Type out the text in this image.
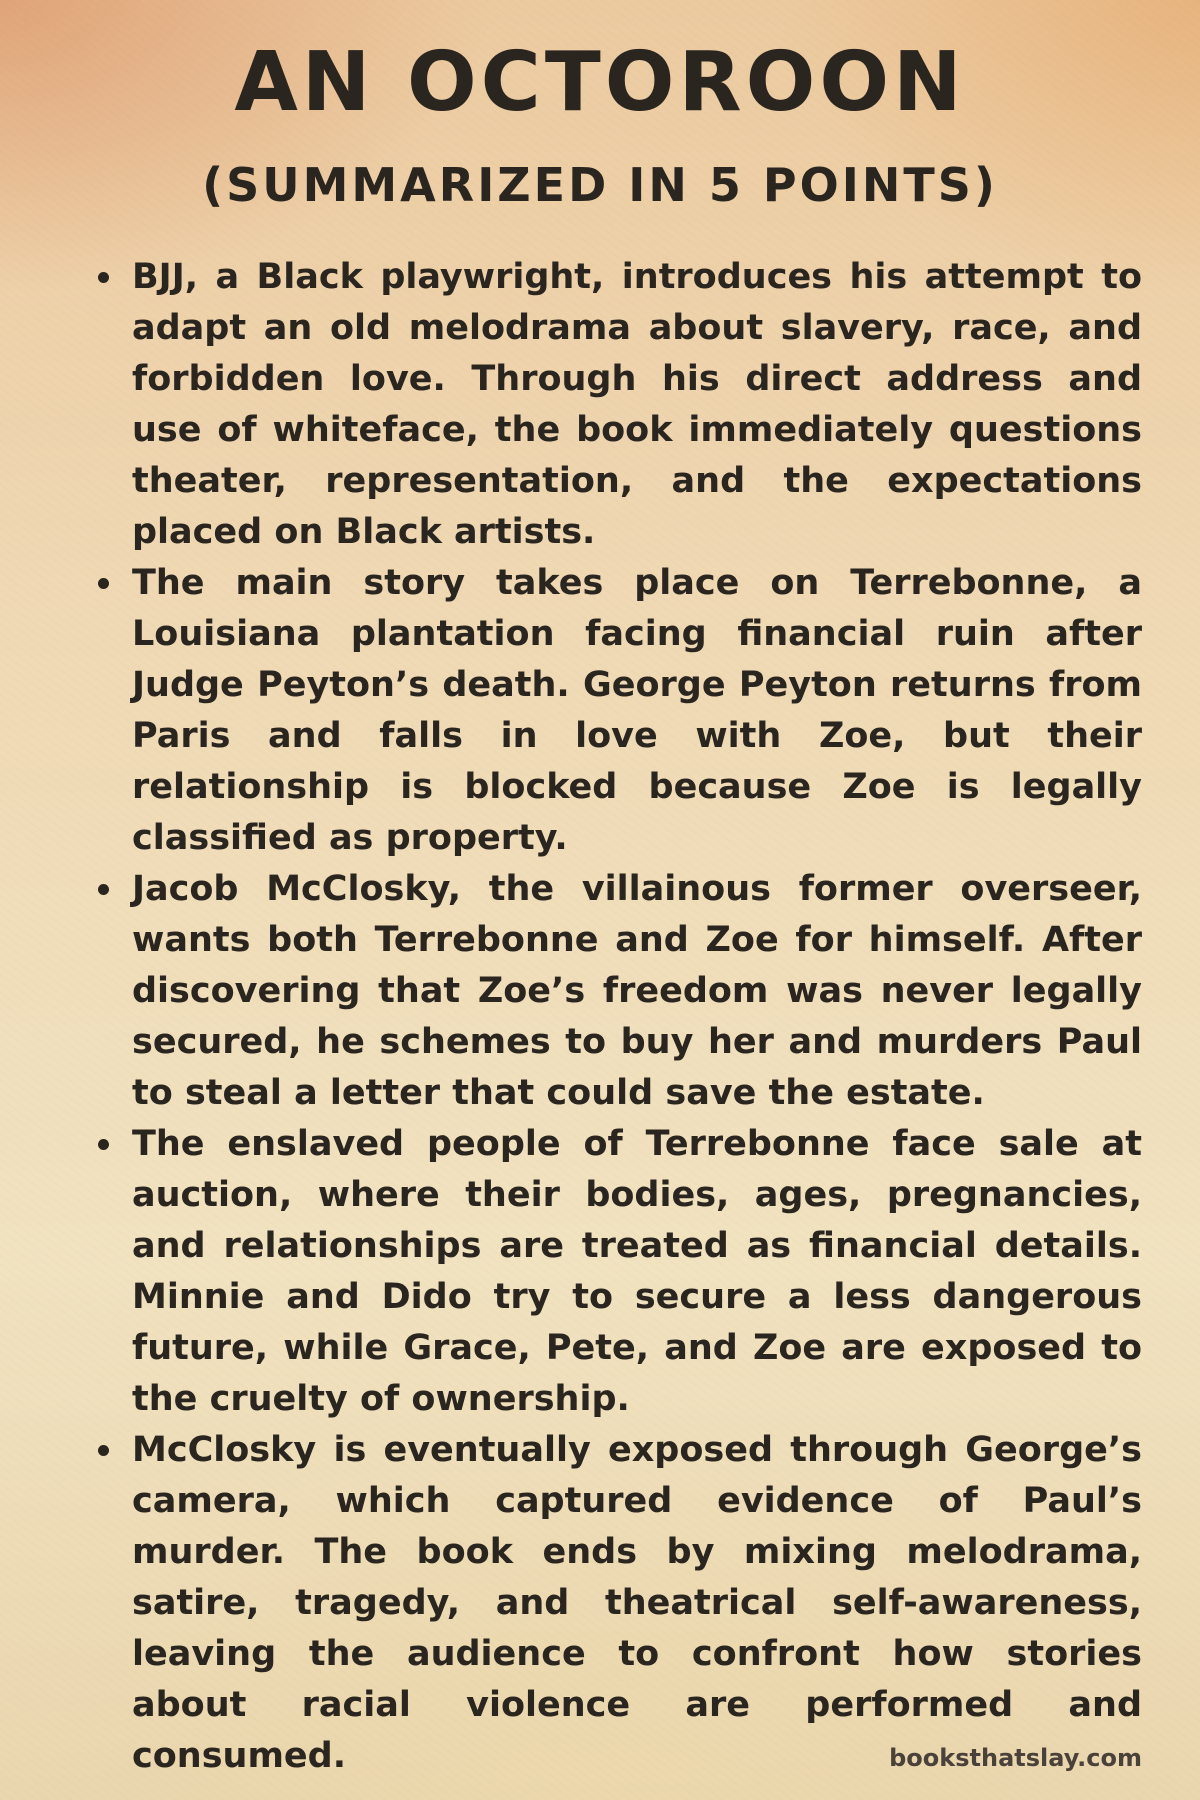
AN OCTOROON
(SUMMARIZED IN 5 POINTS)
BJJ, a Black playwright, introduces his attempt to adapt an old melodrama about slavery, race, and forbidden love. Through his direct address and use of whiteface, the book immediately questions theater, representation, and the expectations placed on Black artists.
The main story takes place on Terrebonne, a Louisiana plantation facing financial ruin after Judge Peyton’s death. George Peyton returns from Paris and falls in love with Zoe, but their relationship is blocked because Zoe is legally classified as property.
Jacob McClosky, the villainous former overseer, wants both Terrebonne and Zoe for himself. After discovering that Zoe’s freedom was never legally secured, he schemes to buy her and murders Paul to steal a letter that could save the estate.
The enslaved people of Terrebonne face sale at auction, where their bodies, ages, pregnancies, and relationships are treated as financial details. Minnie and Dido try to secure a less dangerous future, while Grace, Pete, and Zoe are exposed to the cruelty of ownership.
McClosky is eventually exposed through George’s camera, which captured evidence of Paul’s murder. The book ends by mixing melodrama, satire, tragedy, and theatrical self-awareness, leaving the audience to confront how stories about racial violence are performed and consumed.	booksthatslay.com
